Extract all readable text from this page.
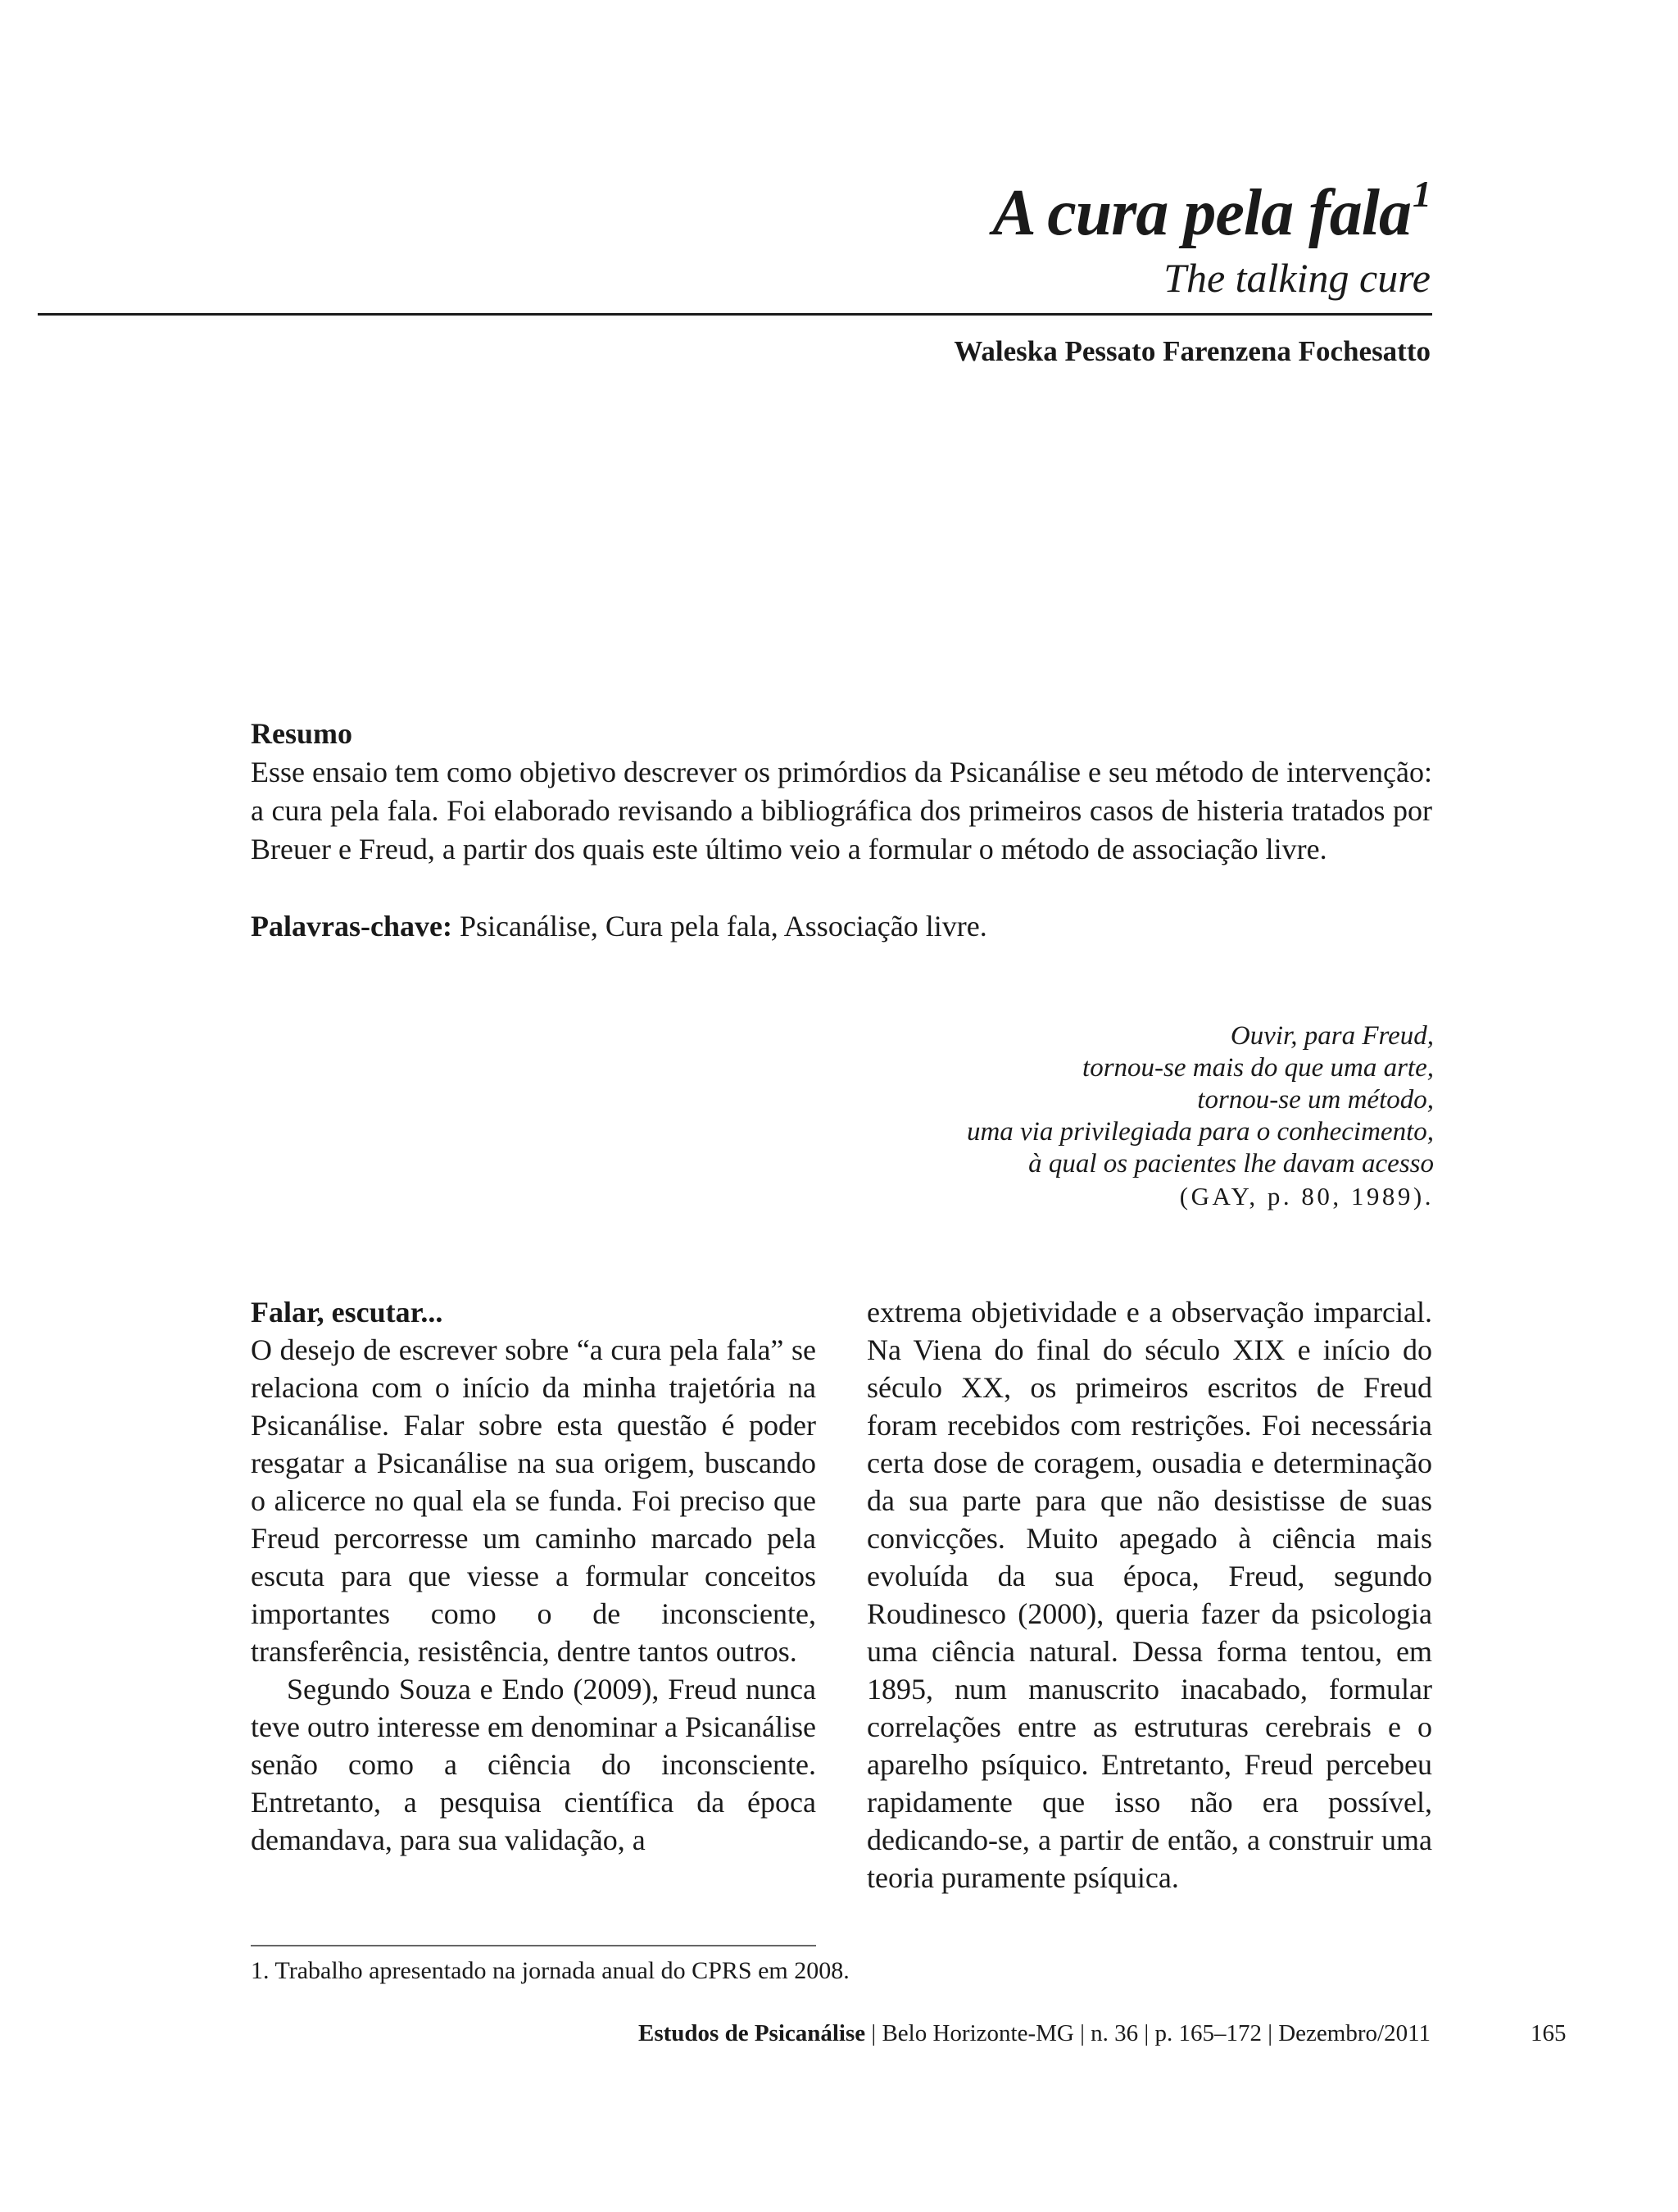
A cura pela fala$^1$
The talking cure
Waleska Pessato Farenzena Fochesatto
Resumo
Esse ensaio tem como objetivo descrever os primórdios da Psicanálise e seu método de intervenção: a cura pela fala. Foi elaborado revisando a bibliográfica dos primeiros casos de histeria tratados por Breuer e Freud, a partir dos quais este último veio a formular o método de associação livre.
Palavras-chave: Psicanálise, Cura pela fala, Associação livre.
Ouvir, para Freud,
tornou-se mais do que uma arte,
tornou-se um método,
uma via privilegiada para o conhecimento,
à qual os pacientes lhe davam acesso
(GAY, p. 80, 1989).
Falar, escutar...

O desejo de escrever sobre “a cura pela fala” se relaciona com o início da minha trajetória na Psicanálise. Falar sobre esta questão é poder resgatar a Psicanálise na sua origem, buscando o alicerce no qual ela se funda. Foi preciso que Freud percorresse um caminho marcado pela escuta para que viesse a formular conceitos importantes como o de inconsciente, transferência, resistência, dentre tantos outros.

Segundo Souza e Endo (2009), Freud nunca teve outro interesse em denominar a Psicanálise senão como a ciência do inconsciente. Entretanto, a pesquisa científica da época demandava, para sua validação, a

extrema objetividade e a observação imparcial. Na Viena do final do século XIX e início do século XX, os primeiros escritos de Freud foram recebidos com restrições. Foi necessária certa dose de coragem, ousadia e determinação da sua parte para que não desistisse de suas convicções. Muito apegado à ciência mais evoluída da sua época, Freud, segundo Roudinesco (2000), queria fazer da psicologia uma ciência natural. Dessa forma tentou, em 1895, num manuscrito inacabado, formular correlações entre as estruturas cerebrais e o aparelho psíquico. Entretanto, Freud percebeu rapidamente que isso não era possível, dedicando-se, a partir de então, a construir uma teoria puramente psíquica.

1. Trabalho apresentado na jornada anual do CPRS em 2008.
Estudos de Psicanálise | Belo Horizonte-MG | n. 36 | p. 165–172 | Dezembro/2011	165
